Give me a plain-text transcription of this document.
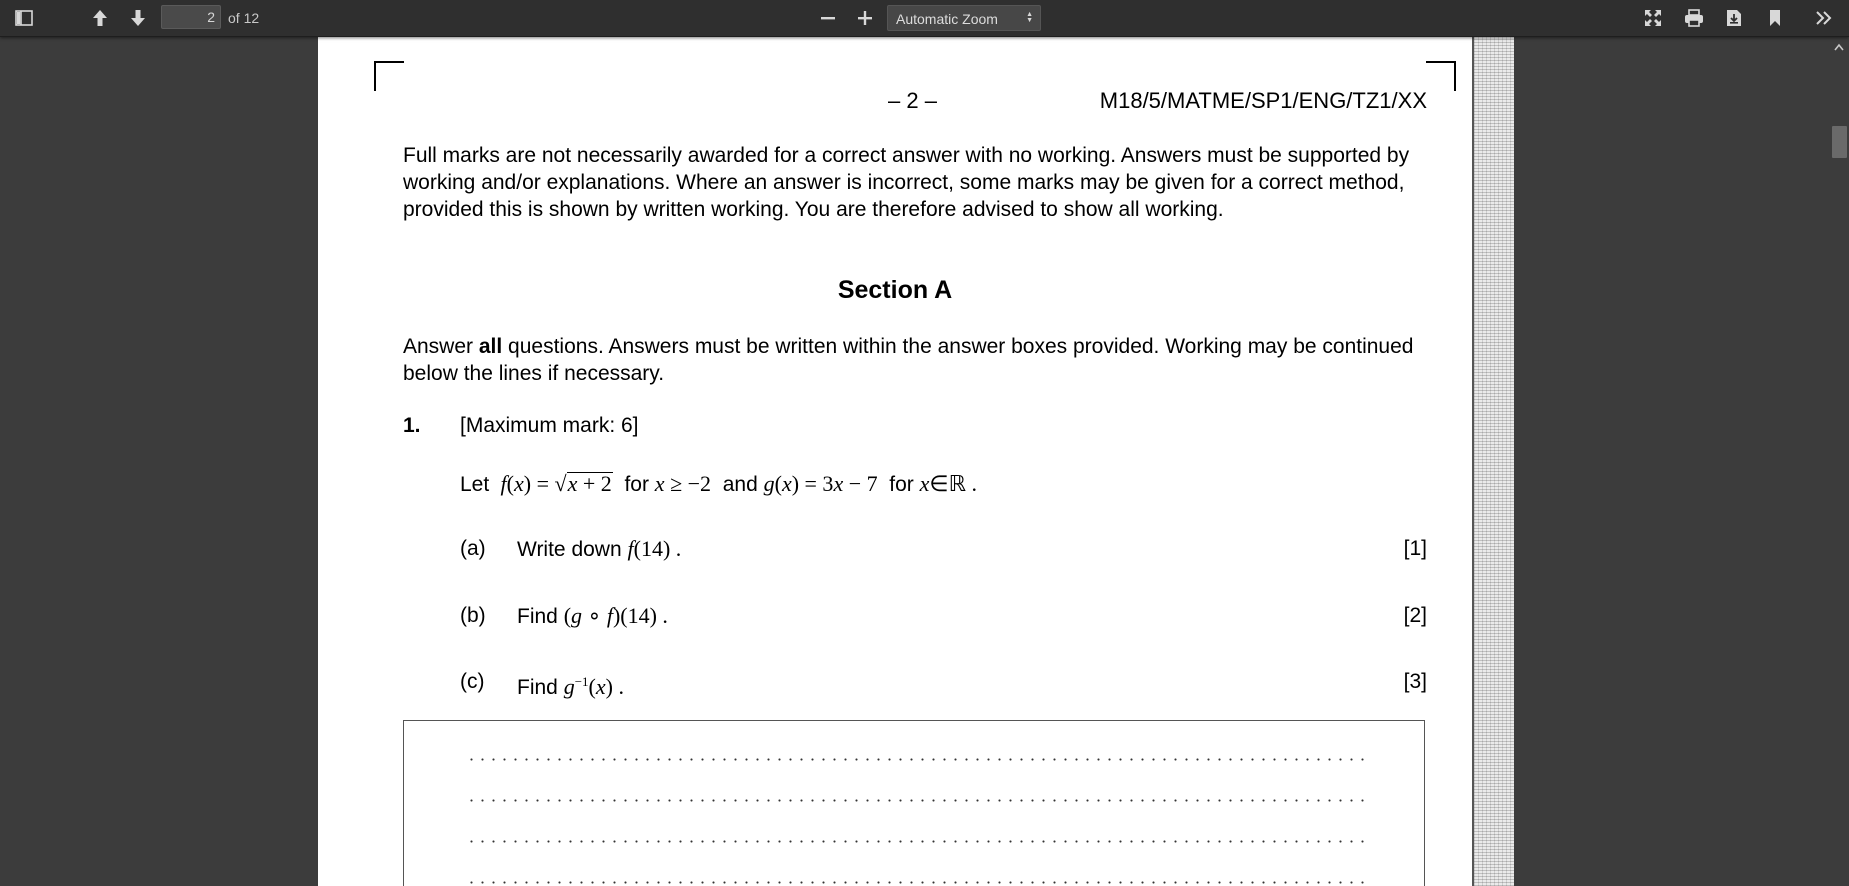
2
of 12	Automatic Zoom	▲
▼
– 2 –	M18/5/MATME/SP1/ENG/TZ1/XX
Full marks are not necessarily awarded for a correct answer with no working. Answers must be supported by working and/or explanations. Where an answer is incorrect, some marks may be given for a correct method, provided this is shown by written working. You are therefore advised to show all working.
Section A
Answer all questions. Answers must be written within the answer boxes provided. Working may be continued below the lines if necessary.
1. [Maximum mark: 6]
Let  f(x) = √x + 2 for x ≥ −2 and g(x) = 3x − 7 for x∈ℝ .
(a) Write down f(14) .	[1]
(b) Find (g ∘ f)(14) .	[2]
(c) Find $g^{-1}(x)$ .	[3]
